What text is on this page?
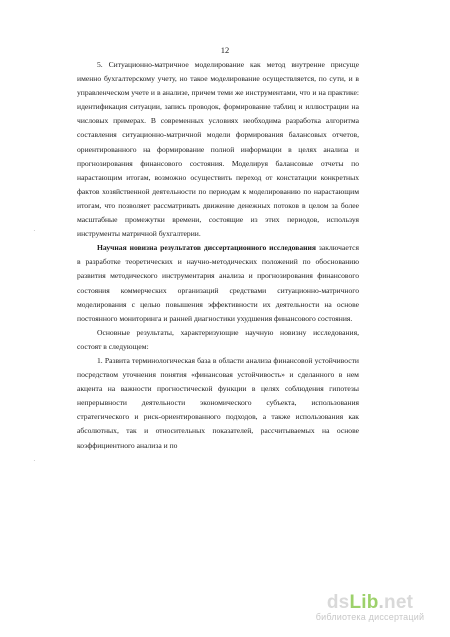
12

5. Ситуационно-матричное моделирование как метод внутренне присуще именно бухгалтерскому учету, но такое моделирование осуществляется, по сути, и в управленческом учете и в анализе, причем теми же инструментами, что и на практике: идентификация ситуации, запись проводок, формирование таблиц и иллюстрации на числовых примерах. В современных условиях необходима разработка алгоритма составления ситуационно-матричной модели формирования балансовых отчетов, ориентированного на формирование полной информации в целях анализа и прогнозирования финансового состояния. Моделируя балансовые отчеты по нарастающим итогам, возможно осуществить переход от констатации конкретных фактов хозяйственной деятельности по периодам к моделированию по нарастающим итогам, что позволяет рассматривать движение денежных потоков в целом за более масштабные промежутки времени, состоящие из этих периодов, используя инструменты матричной бухгалтерии.

Научная новизна результатов диссертационного исследования заключается в разработке теоретических и научно-методических положений по обоснованию развития методического инструментария анализа и прогнозирования финансового состояния коммерческих организаций средствами ситуационно-матричного моделирования с целью повышения эффективности их деятельности на основе постоянного мониторинга и ранней диагностики ухудшения финансового состояния.

Основные результаты, характеризующие научную новизну исследования, состоят в следующем:

1. Развита терминологическая база в области анализа финансовой устойчивости посредством уточнения понятия «финансовая устойчивость» и сделанного в нем акцента на важности прогностической функции в целях соблюдения гипотезы непрерывности деятельности экономического субъекта, использования стратегического и риск-ориентированного подходов, а также использования как абсолютных, так и относительных показателей, рассчитываемых на основе коэффициентного анализа и по

·
·
dsLib.net
библиотека диссертаций
